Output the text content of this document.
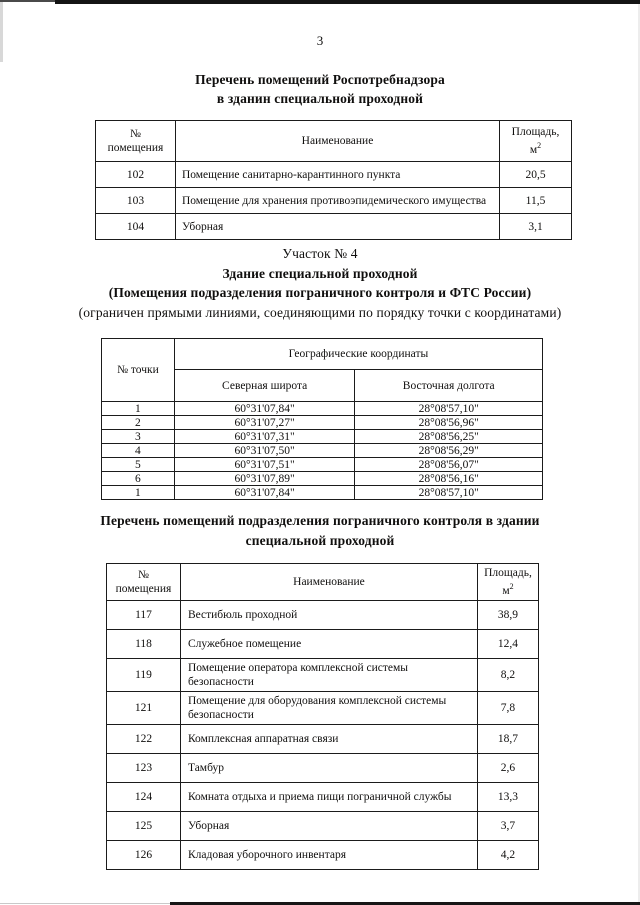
3
Перечень помещений Роспотребнадзора
в зданин специальной проходной
№
помещения	Наименование	Площадь,
$м^2$
102	Помещение санитарно-карантинного пункта	20,5
103	Помещение для хранения противоэпидемического имущества	11,5
104	Уборная	3,1
Участок № 4
Здание специальной проходной
(Помещения подразделения пограничного контроля и ФТС России)
(ограничен прямыми линиями, соединяющими по порядку точки с координатами)
№ точки	Географические координаты	
	Северная широта	Восточная долгота
1	60°31'07,84"	28°08'57,10"
2	60°31'07,27"	28°08'56,96"
3	60°31'07,31"	28°08'56,25"
4	60°31'07,50"	28°08'56,29"
5	60°31'07,51"	28°08'56,07"
6	60°31'07,89"	28°08'56,16"
1	60°31'07,84"	28°08'57,10"
Перечень помещений подразделения пограничного контроля в здании
специальной проходной
№
помещения	Наименование	Площадь, $м^2$
117	Вестибюль проходной	38,9
118	Служебное помещение	12,4
119	Помещение оператора комплексной системы безопасности	8,2
121	Помещение для оборудования комплексной системы безопасности	7,8
122	Комплексная аппаратная связи	18,7
123	Тамбур	2,6
124	Комната отдыха и приема пищи пограничной службы	13,3
125	Уборная	3,7
126	Кладовая уборочного инвентаря	4,2
